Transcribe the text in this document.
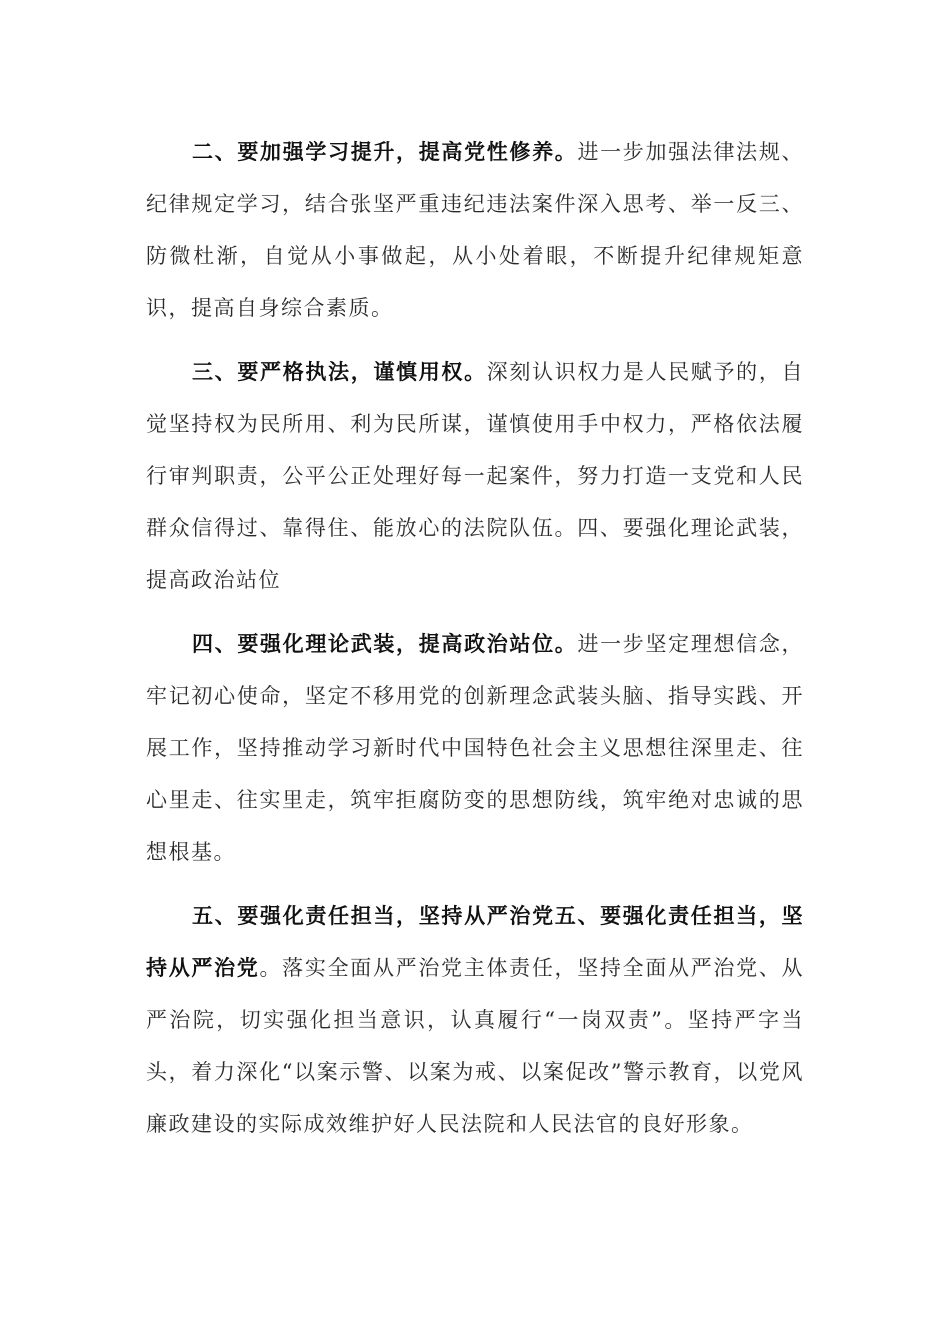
二、要加强学习提升，提高党性修养。进一步加强法律法规、纪律规定学习，结合张坚严重违纪违法案件深入思考、举一反三、防微杜渐，自觉从小事做起，从小处着眼，不断提升纪律规矩意识，提高自身综合素质。

三、要严格执法，谨慎用权。深刻认识权力是人民赋予的，自觉坚持权为民所用、利为民所谋，谨慎使用手中权力，严格依法履行审判职责，公平公正处理好每一起案件，努力打造一支党和人民群众信得过、靠得住、能放心的法院队伍。四、要强化理论武装，提高政治站位

四、要强化理论武装，提高政治站位。进一步坚定理想信念，牢记初心使命，坚定不移用党的创新理念武装头脑、指导实践、开展工作，坚持推动学习新时代中国特色社会主义思想往深里走、往心里走、往实里走，筑牢拒腐防变的思想防线，筑牢绝对忠诚的思想根基。

五、要强化责任担当，坚持从严治党五、要强化责任担当，坚持从严治党。落实全面从严治党主体责任，坚持全面从严治党、从严治院，切实强化担当意识，认真履行“一岗双责”。坚持严字当头，着力深化“以案示警、以案为戒、以案促改”警示教育，以党风廉政建设的实际成效维护好人民法院和人民法官的良好形象。
